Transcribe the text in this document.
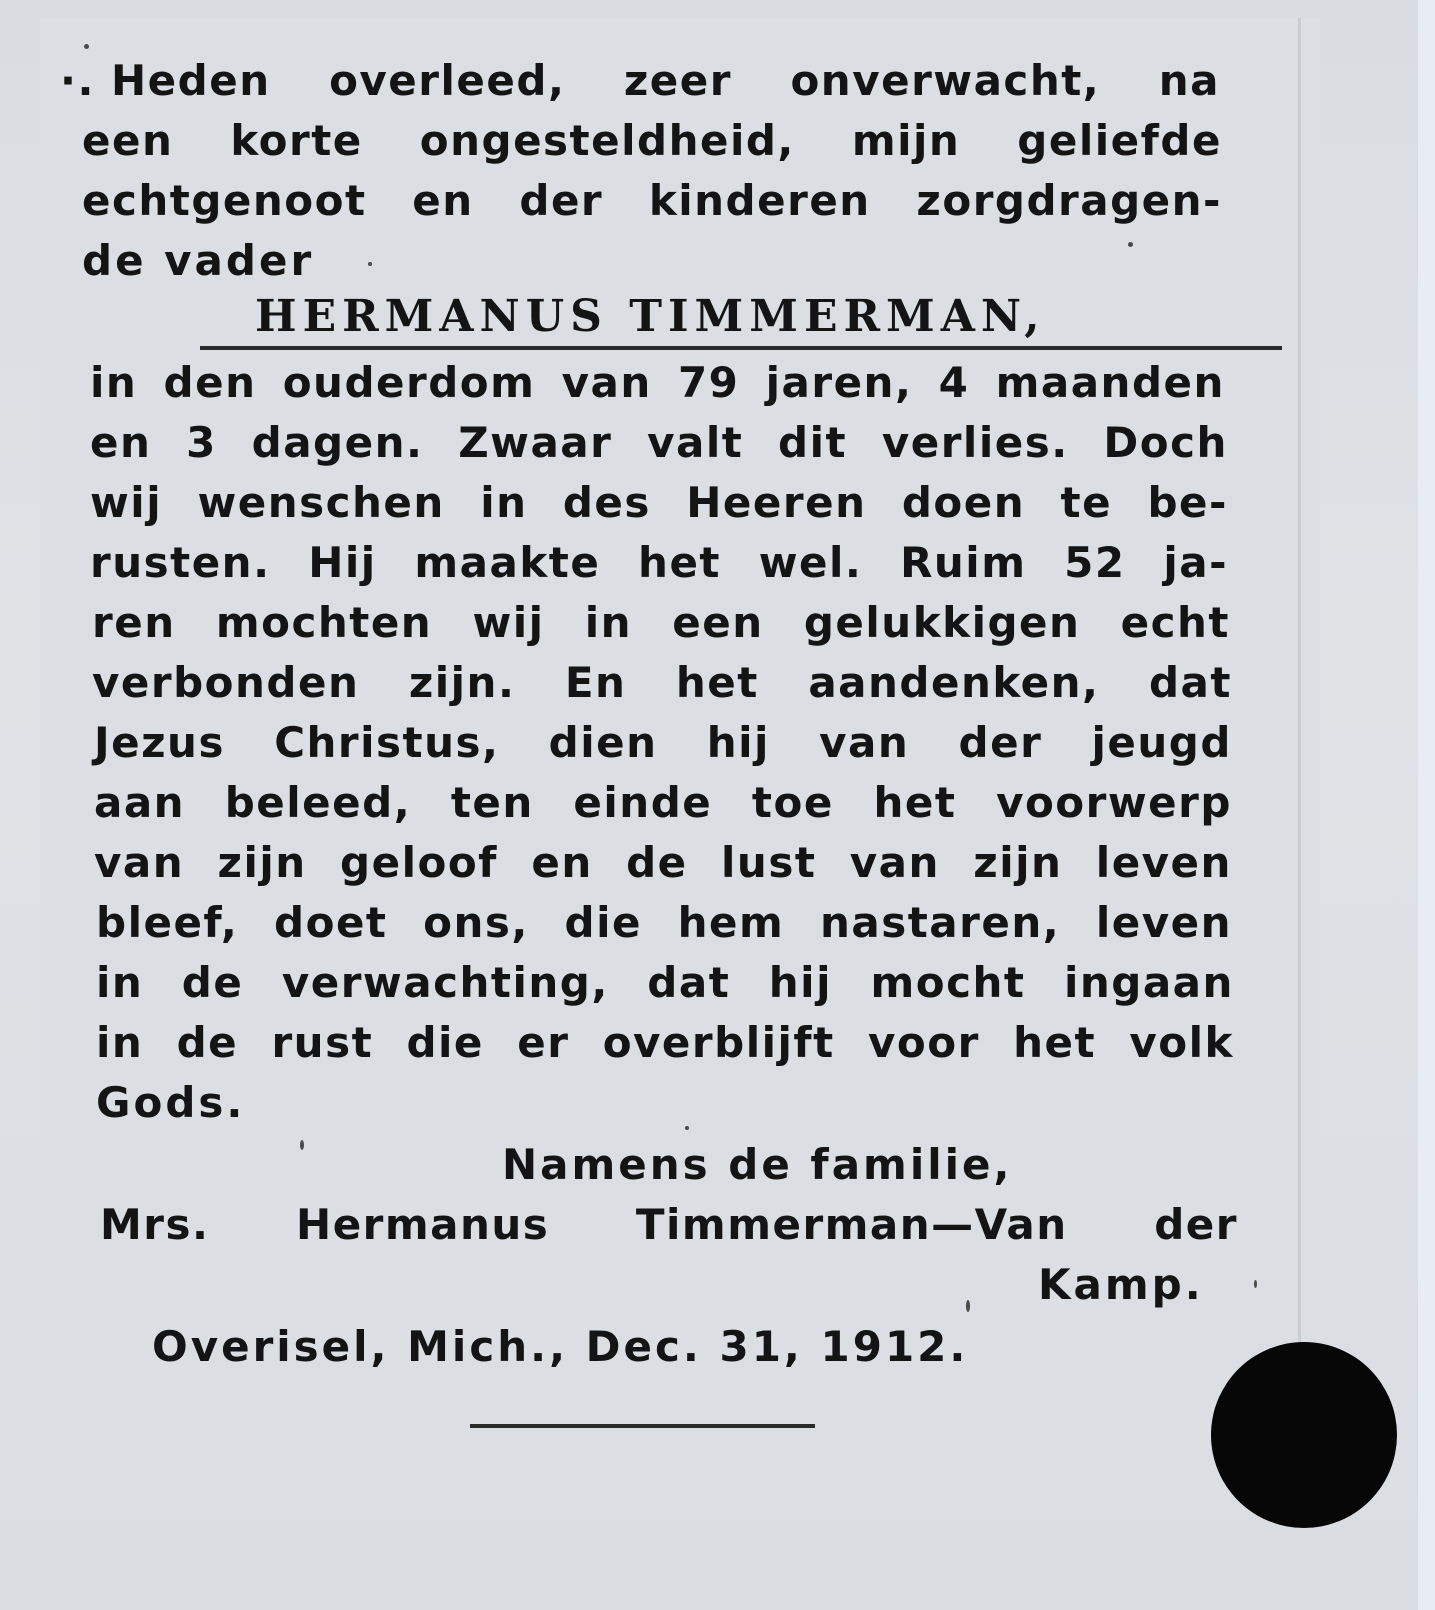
·. Heden overleed, zeer onverwacht, na
een korte ongesteldheid, mijn geliefde
echtgenoot en der kinderen zorgdragen-
de vader
HERMANUS TIMMERMAN,
in den ouderdom van 79 jaren, 4 maanden
en 3 dagen. Zwaar valt dit verlies. Doch
wij wenschen in des Heeren doen te be-
rusten. Hij maakte het wel. Ruim 52 ja-
ren mochten wij in een gelukkigen echt
verbonden zijn. En het aandenken, dat
Jezus Christus, dien hij van der jeugd
aan beleed, ten einde toe het voorwerp
van zijn geloof en de lust van zijn leven
bleef, doet ons, die hem nastaren, leven
in de verwachting, dat hij mocht ingaan
in de rust die er overblijft voor het volk
Gods.
Namens de familie,
Mrs. Hermanus Timmerman—Van der
Kamp.
Overisel, Mich., Dec. 31, 1912.
